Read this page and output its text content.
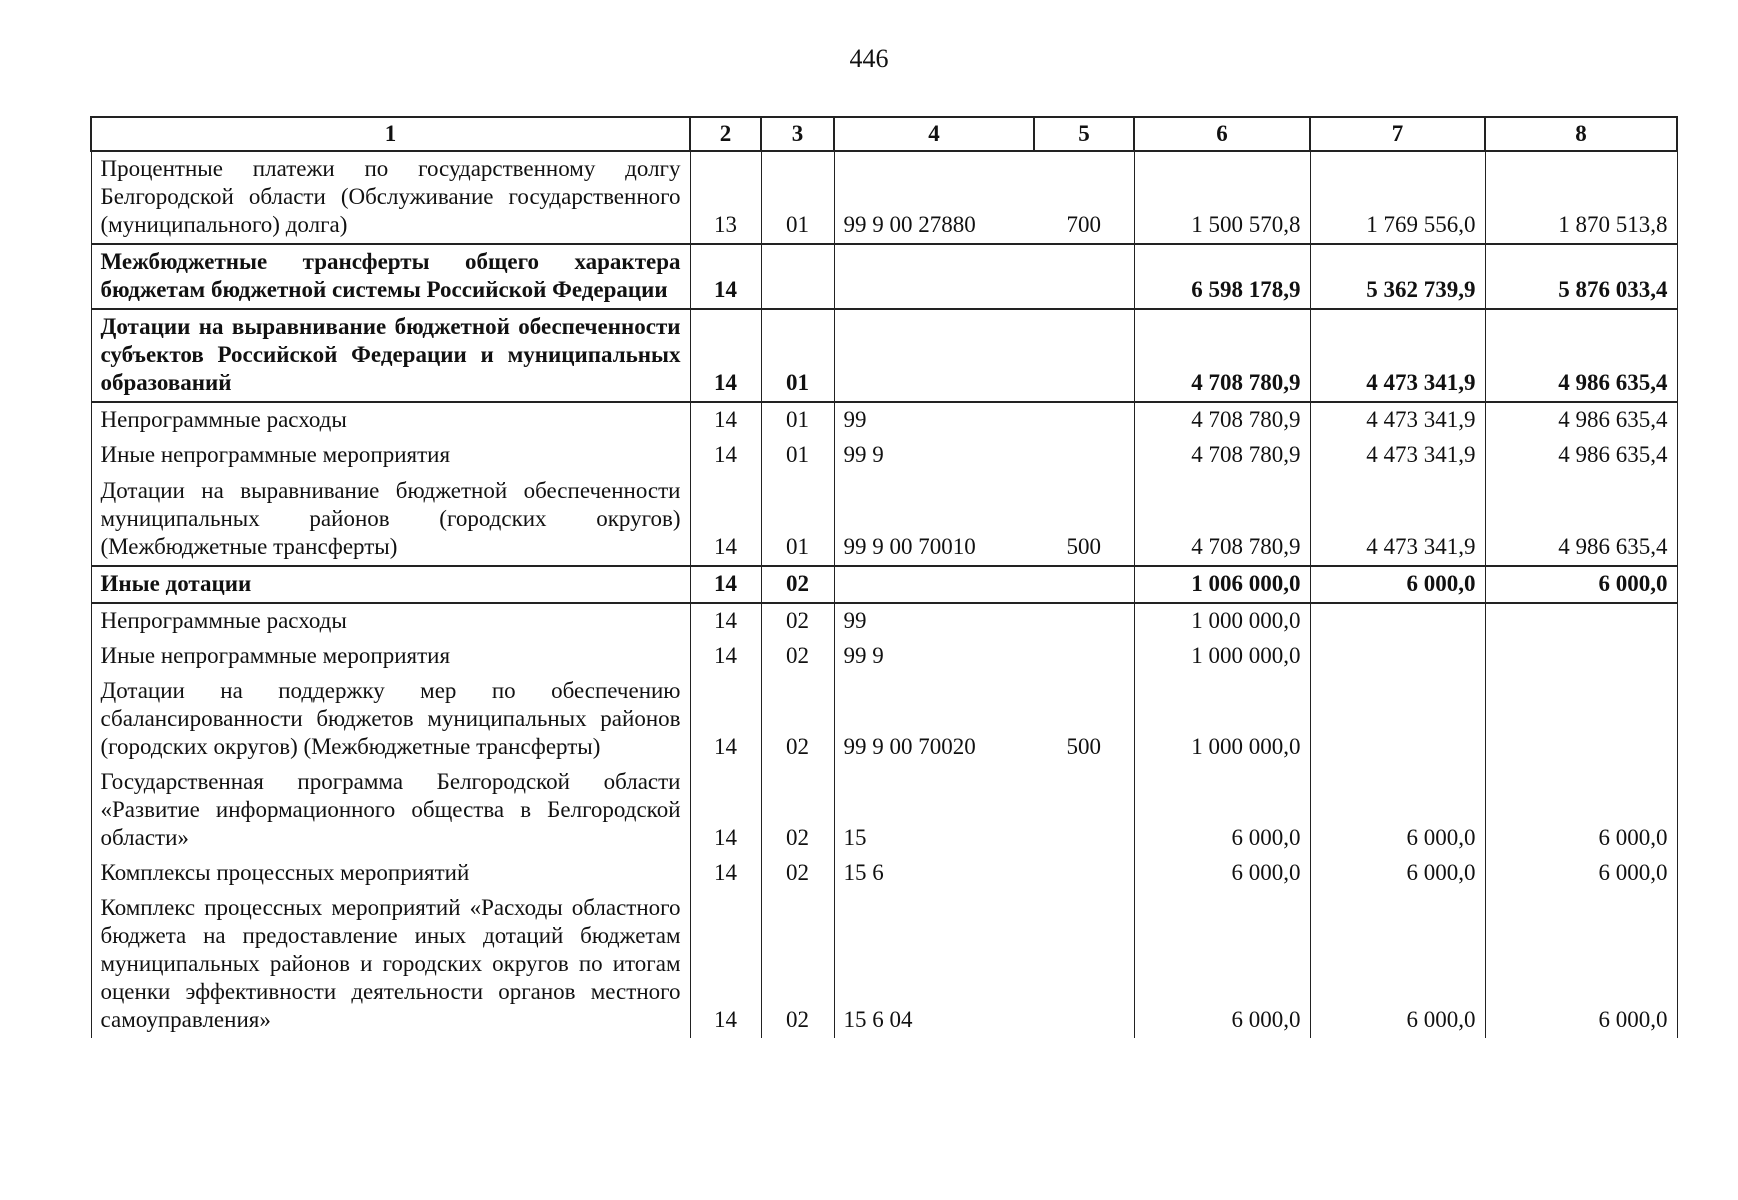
446
1	2	3	4	5	6	7	8
Процентные платежи по государственному долгу Белгородской области (Обслуживание государственного (муниципального) долга)	13	01	99 9 00 27880	700	1 500 570,8	1 769 556,0	1 870 513,8
Межбюджетные трансферты общего характера бюджетам бюджетной системы Российской Федерации	14				6 598 178,9	5 362 739,9	5 876 033,4
Дотации на выравнивание бюджетной обеспеченности субъектов Российской Федерации и муниципальных образований	14	01			4 708 780,9	4 473 341,9	4 986 635,4
Непрограммные расходы	14	01	99		4 708 780,9	4 473 341,9	4 986 635,4
Иные непрограммные мероприятия	14	01	99 9		4 708 780,9	4 473 341,9	4 986 635,4
Дотации на выравнивание бюджетной обеспеченности муниципальных районов (городских округов) (Межбюджетные трансферты)	14	01	99 9 00 70010	500	4 708 780,9	4 473 341,9	4 986 635,4
Иные дотации	14	02			1 006 000,0	6 000,0	6 000,0
Непрограммные расходы	14	02	99		1 000 000,0		
Иные непрограммные мероприятия	14	02	99 9		1 000 000,0		
Дотации на поддержку мер по обеспечению сбалансированности бюджетов муниципальных районов (городских округов) (Межбюджетные трансферты)	14	02	99 9 00 70020	500	1 000 000,0		
Государственная программа Белгородской области «Развитие информационного общества в Белгородской области»	14	02	15		6 000,0	6 000,0	6 000,0
Комплексы процессных мероприятий	14	02	15 6		6 000,0	6 000,0	6 000,0
Комплекс процессных мероприятий «Расходы областного бюджета на предоставление иных дотаций бюджетам муниципальных районов и городских округов по итогам оценки эффективности деятельности органов местного самоуправления»	14	02	15 6 04		6 000,0	6 000,0	6 000,0
